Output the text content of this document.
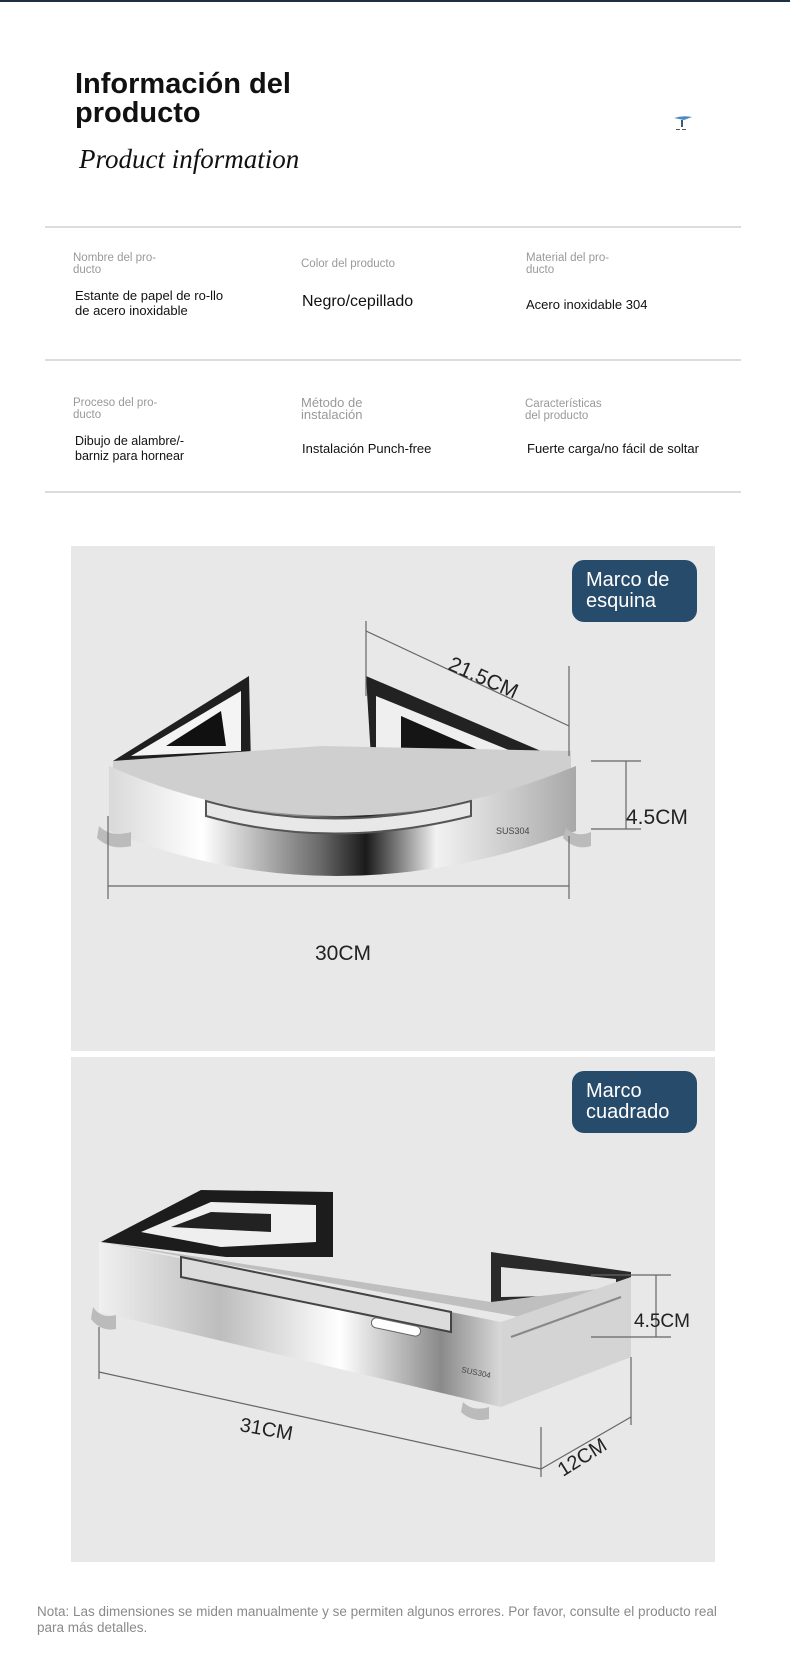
Información del producto
Product information
Nombre del pro-ducto
Estante de papel de ro-llo de acero inoxidable
Color del producto
Negro/cepillado
Material del pro-ducto
Acero inoxidable 304
Proceso del pro-ducto
Dibujo de alambre/-barniz para hornear
Método de instalación
Instalación Punch-free
Características del producto
Fuerte carga/no fácil de soltar
Marco de esquina
SUS304
21.5CM
4.5CM
30CM
Marco cuadrado
SUS304
4.5CM
31CM
12CM

Nota: Las dimensiones se miden manualmente y se permiten algunos errores. Por favor, consulte el producto real para más detalles.
